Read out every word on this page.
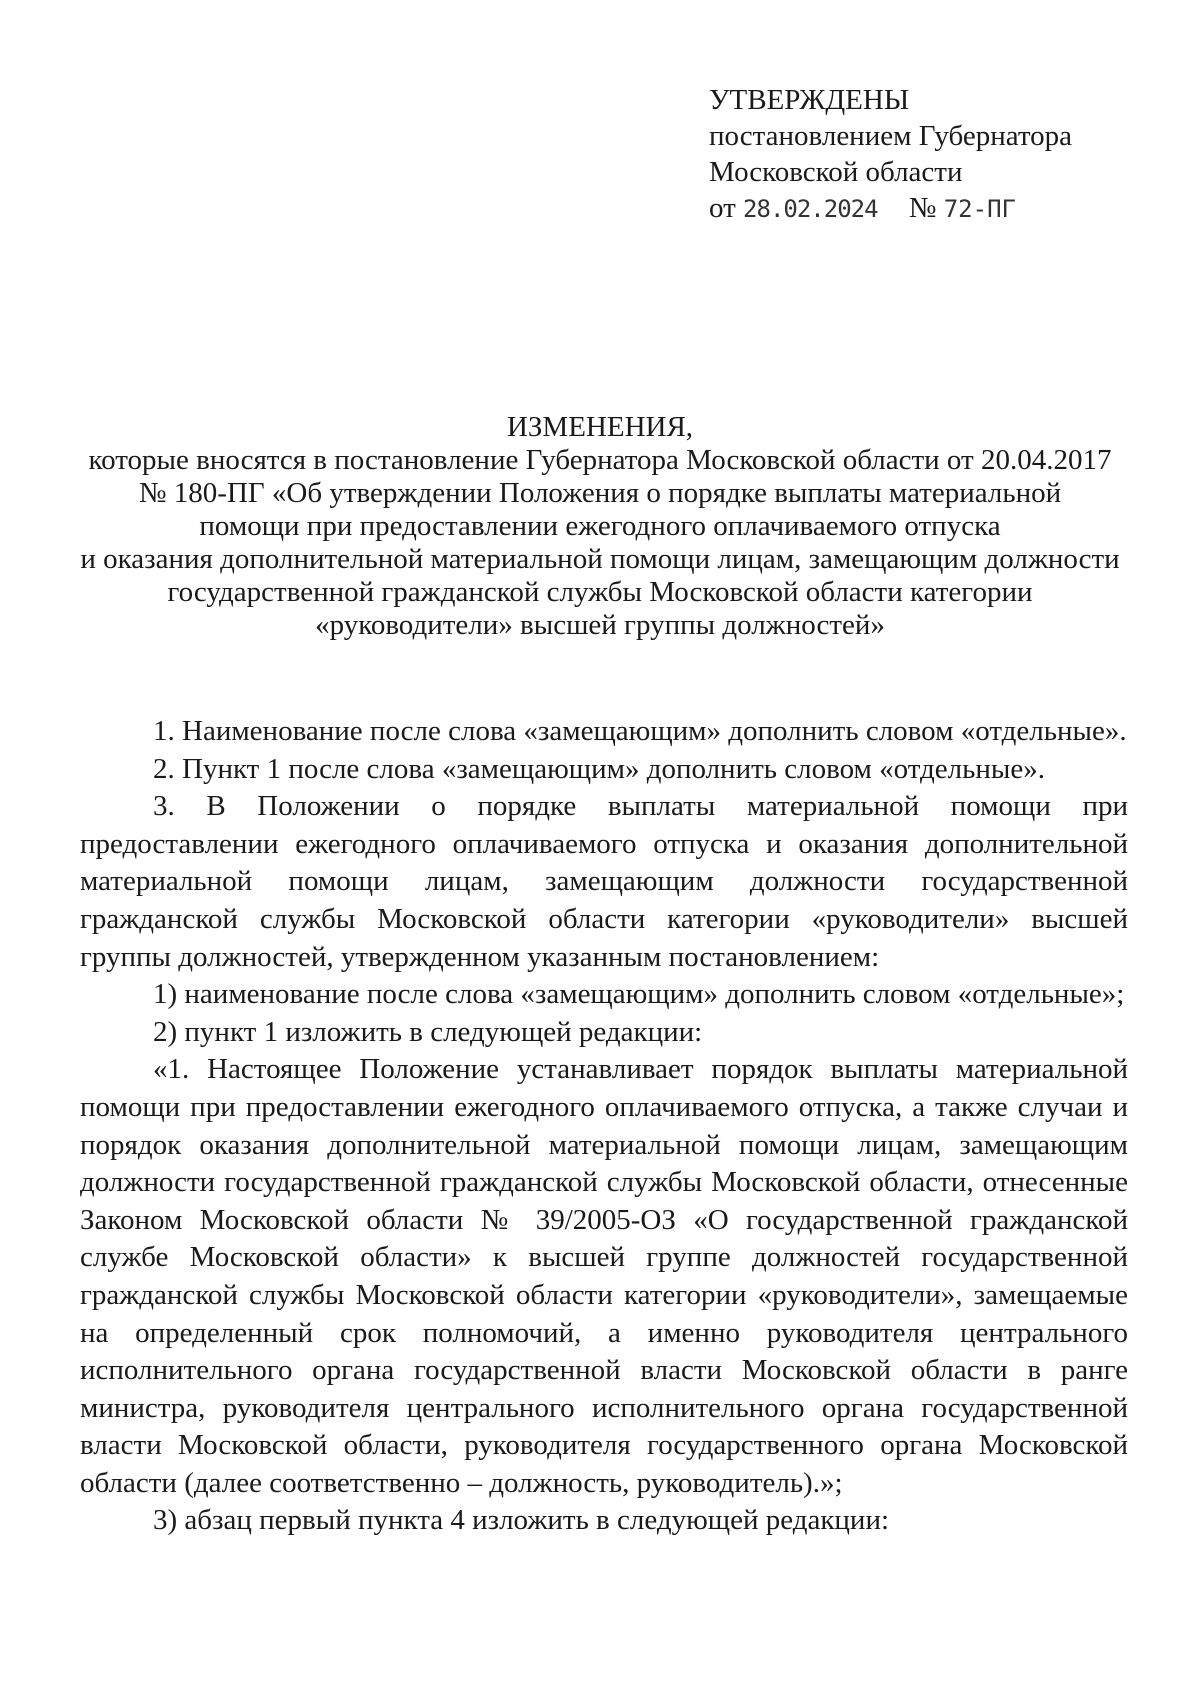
УТВЕРЖДЕНЫ
постановлением Губернатора
Московской области
от 28.02.2024 № 72-ПГ
ИЗМЕНЕНИЯ,
которые вносятся в постановление Губернатора Московской области от 20.04.2017
№ 180-ПГ «Об утверждении Положения о порядке выплаты материальной
помощи при предоставлении ежегодного оплачиваемого отпуска
и оказания дополнительной материальной помощи лицам, замещающим должности
государственной гражданской службы Московской области категории
«руководители» высшей группы должностей»

1. Наименование после слова «замещающим» дополнить словом «отдельные».

2. Пункт 1 после слова «замещающим» дополнить словом «отдельные».

3. В Положении о порядке выплаты материальной помощи при предоставлении ежегодного оплачиваемого отпуска и оказания дополнительной материальной помощи лицам, замещающим должности государственной гражданской службы Московской области категории «руководители» высшей группы должностей, утвержденном указанным постановлением:

1) наименование после слова «замещающим» дополнить словом «отдельные»;

2) пункт 1 изложить в следующей редакции:

«1. Настоящее Положение устанавливает порядок выплаты материальной помощи при предоставлении ежегодного оплачиваемого отпуска, а также случаи и порядок оказания дополнительной материальной помощи лицам, замещающим должности государственной гражданской службы Московской области, отнесенные Законом Московской области № 39/2005-ОЗ «О государственной гражданской службе Московской области» к высшей группе должностей государственной гражданской службы Московской области категории «руководители», замещаемые на определенный срок полномочий, а именно руководителя центрального исполнительного органа государственной власти Московской области в ранге министра, руководителя центрального исполнительного органа государственной власти Московской области, руководителя государственного органа Московской области (далее соответственно – должность, руководитель).»;

3) абзац первый пункта 4 изложить в следующей редакции:
